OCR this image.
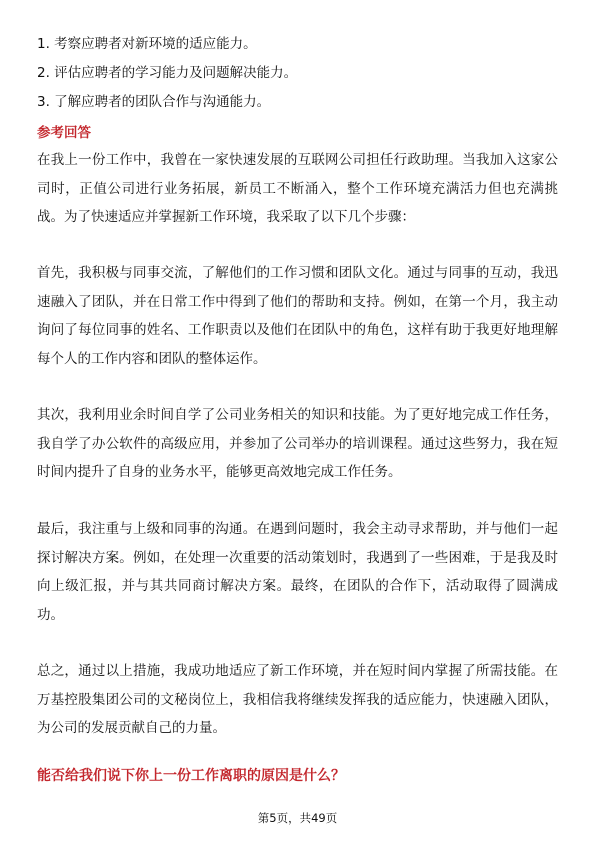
1. 考察应聘者对新环境的适应能力。
2. 评估应聘者的学习能力及问题解决能力。
3. 了解应聘者的团队合作与沟通能力。
参考回答

在我上一份工作中，我曾在一家快速发展的互联网公司担任行政助理。当我加入这家公司时，正值公司进行业务拓展，新员工不断涌入，整个工作环境充满活力但也充满挑战。为了快速适应并掌握新工作环境，我采取了以下几个步骤：

首先，我积极与同事交流，了解他们的工作习惯和团队文化。通过与同事的互动，我迅速融入了团队，并在日常工作中得到了他们的帮助和支持。例如，在第一个月，我主动询问了每位同事的姓名、工作职责以及他们在团队中的角色，这样有助于我更好地理解每个人的工作内容和团队的整体运作。

其次，我利用业余时间自学了公司业务相关的知识和技能。为了更好地完成工作任务，我自学了办公软件的高级应用，并参加了公司举办的培训课程。通过这些努力，我在短时间内提升了自身的业务水平，能够更高效地完成工作任务。

最后，我注重与上级和同事的沟通。在遇到问题时，我会主动寻求帮助，并与他们一起探讨解决方案。例如，在处理一次重要的活动策划时，我遇到了一些困难，于是我及时向上级汇报，并与其共同商讨解决方案。最终，在团队的合作下，活动取得了圆满成功。

总之，通过以上措施，我成功地适应了新工作环境，并在短时间内掌握了所需技能。在万基控股集团公司的文秘岗位上，我相信我将继续发挥我的适应能力，快速融入团队，为公司的发展贡献自己的力量。

能否给我们说下你上一份工作离职的原因是什么？
第5页，共49页
